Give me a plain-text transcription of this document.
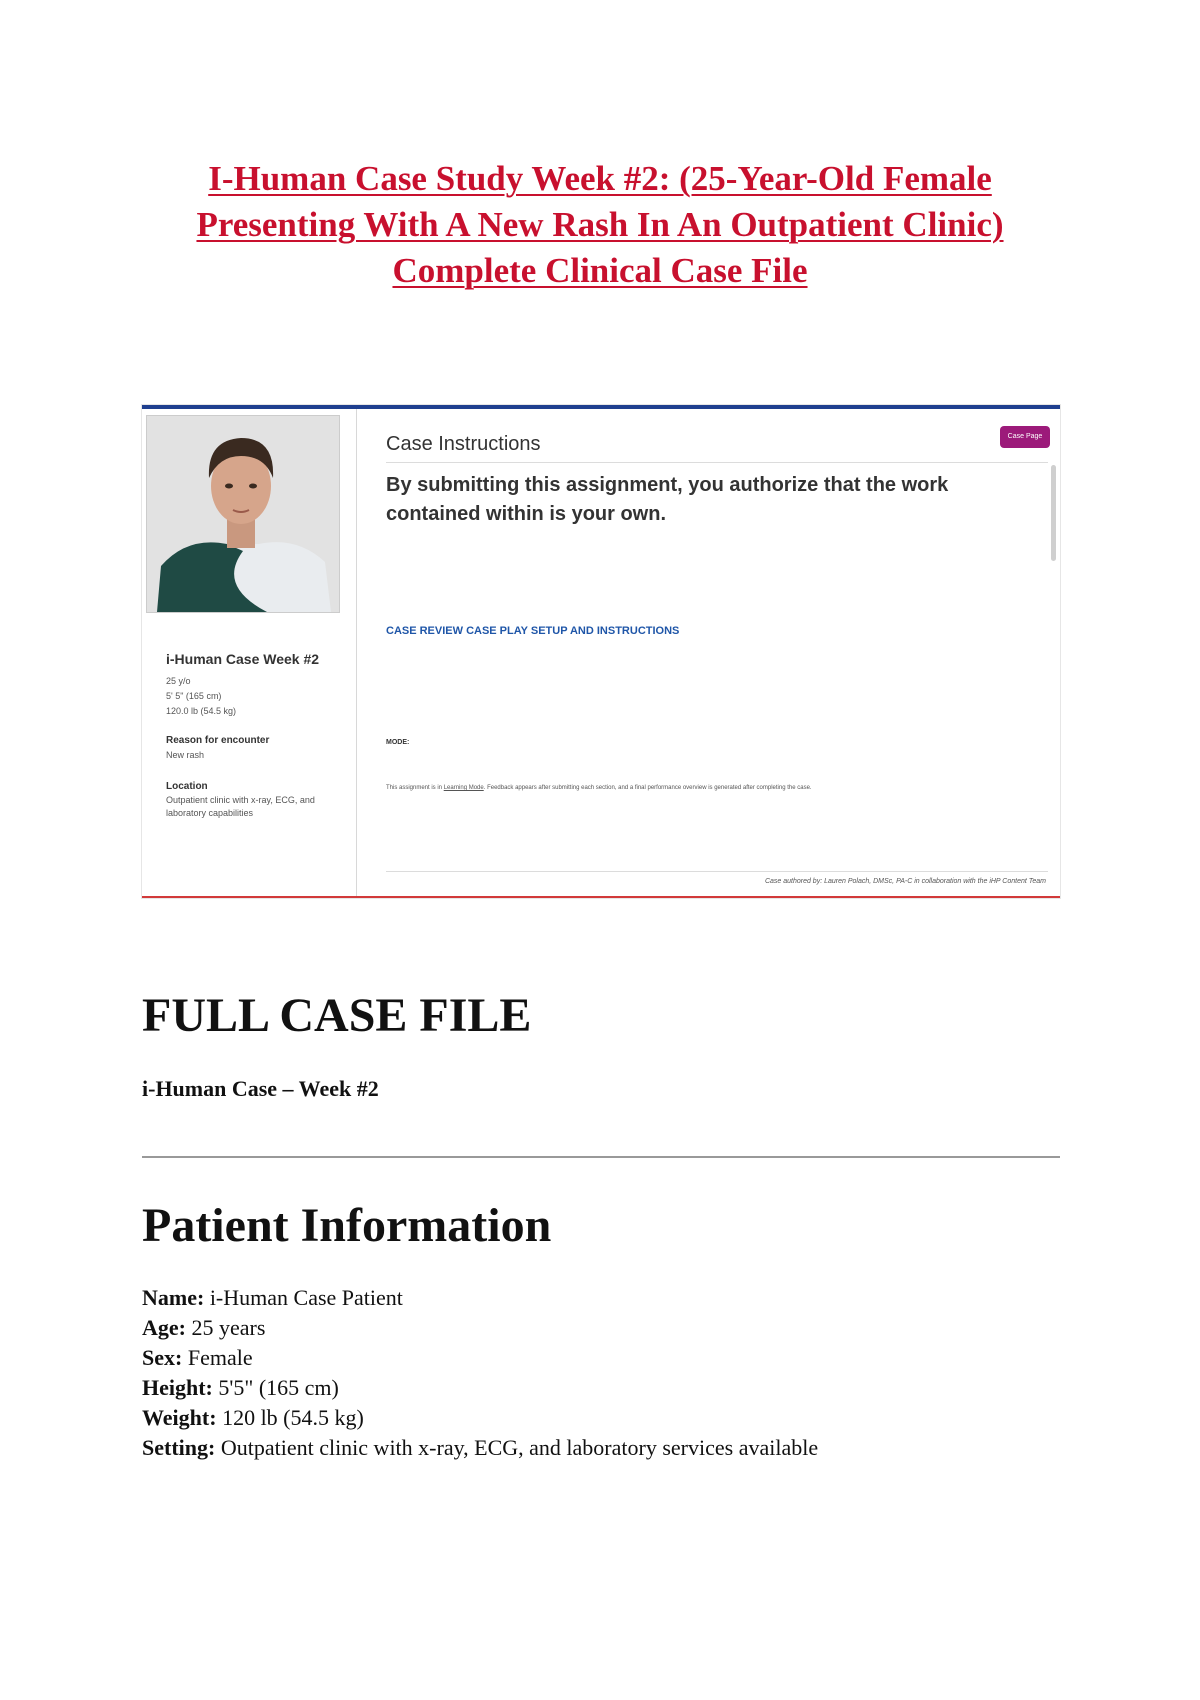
I-Human Case Study Week #2: (25-Year-Old Female
Presenting With A New Rash In An Outpatient Clinic)
Complete Clinical Case File
i-Human Case Week #2
25 y/o
5' 5" (165 cm)
120.0 lb (54.5 kg)
Reason for encounter
New rash
Location
Outpatient clinic with x-ray, ECG, and laboratory capabilities
Case Instructions	Case Page
By submitting this assignment, you authorize that the work contained within is your own.
CASE REVIEW CASE PLAY SETUP AND INSTRUCTIONS
MODE:
This assignment is in Learning Mode. Feedback appears after submitting each section, and a final performance overview is generated after completing the case.
Case authored by: Lauren Polach, DMSc, PA-C in collaboration with the iHP Content Team
FULL CASE FILE
i-Human Case – Week #2
Patient Information
Name: i-Human Case Patient
Age: 25 years
Sex: Female
Height: 5'5" (165 cm)
Weight: 120 lb (54.5 kg)
Setting: Outpatient clinic with x-ray, ECG, and laboratory services available
